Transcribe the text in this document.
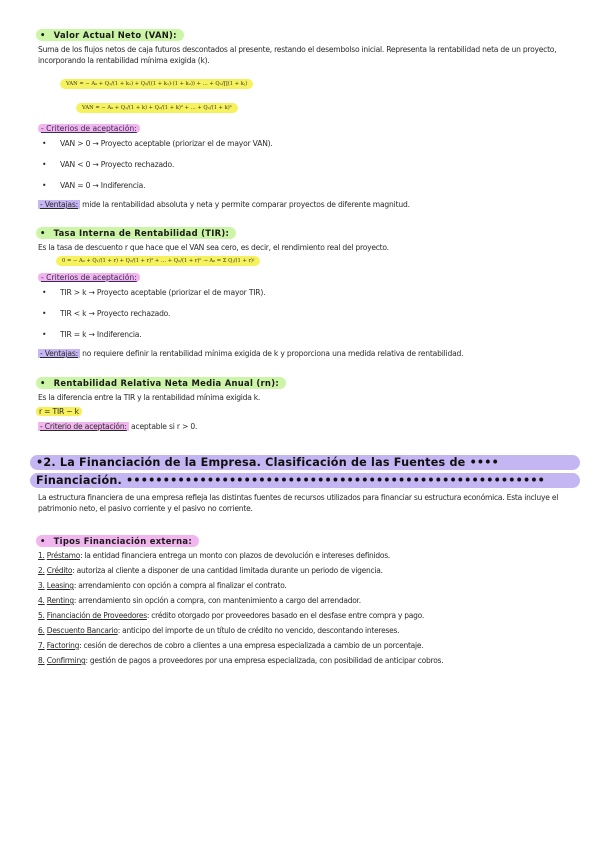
• Valor Actual Neto (VAN):
Suma de los flujos netos de caja futuros descontados al presente, restando el desembolso inicial. Representa la rentabilidad neta de un proyecto, incorporando la rentabilidad mínima exigida (k).
VAN = − A₀ + Q₁/(1 + k₁) + Q₂/((1 + k₁)·(1 + k₂)) + … + Qₙ/∏(1 + kⱼ)
VAN = − A₀ + Q₁/(1 + k) + Q₂/(1 + k)² + … + Qₙ/(1 + k)ⁿ
- Criterios de aceptación:
• VAN > 0 → Proyecto aceptable (priorizar el de mayor VAN).
• VAN < 0 → Proyecto rechazado.
• VAN = 0 → Indiferencia.
- Ventajas: mide la rentabilidad absoluta y neta y permite comparar proyectos de diferente magnitud.
• Tasa Interna de Rentabilidad (TIR):
Es la tasa de descuento r que hace que el VAN sea cero, es decir, el rendimiento real del proyecto.
0 = − A₀ + Q₁/(1 + r) + Q₂/(1 + r)² + … + Qₙ/(1 + r)ⁿ → A₀ = Σ Qⱼ/(1 + r)ʲ
- Criterios de aceptación:
• TIR > k → Proyecto aceptable (priorizar el de mayor TIR).
• TIR < k → Proyecto rechazado.
• TIR = k → Indiferencia.
- Ventajas: no requiere definir la rentabilidad mínima exigida de k y proporciona una medida relativa de rentabilidad.
• Rentabilidad Relativa Neta Media Anual (rn):
Es la diferencia entre la TIR y la rentabilidad mínima exigida k.
r = TIR − k
- Criterio de aceptación: aceptable si r > 0.
•2. La Financiación de la Empresa. Clasificación de las Fuentes de ••••
Financiación. •••••••••••••••••••••••••••••••••••••••••••••••••••••••••
La estructura financiera de una empresa refleja las distintas fuentes de recursos utilizados para financiar su estructura económica. Esta incluye el patrimonio neto, el pasivo corriente y el pasivo no corriente.
• Tipos Financiación externa:
1. Préstamo: la entidad financiera entrega un monto con plazos de devolución e intereses definidos.
2. Crédito: autoriza al cliente a disponer de una cantidad limitada durante un periodo de vigencia.
3. Leasing: arrendamiento con opción a compra al finalizar el contrato.
4. Renting: arrendamiento sin opción a compra, con mantenimiento a cargo del arrendador.
5. Financiación de Proveedores: crédito otorgado por proveedores basado en el desfase entre compra y pago.
6. Descuento Bancario: anticipo del importe de un título de crédito no vencido, descontando intereses.
7. Factoring: cesión de derechos de cobro a clientes a una empresa especializada a cambio de un porcentaje.
8. Confirming: gestión de pagos a proveedores por una empresa especializada, con posibilidad de anticipar cobros.
